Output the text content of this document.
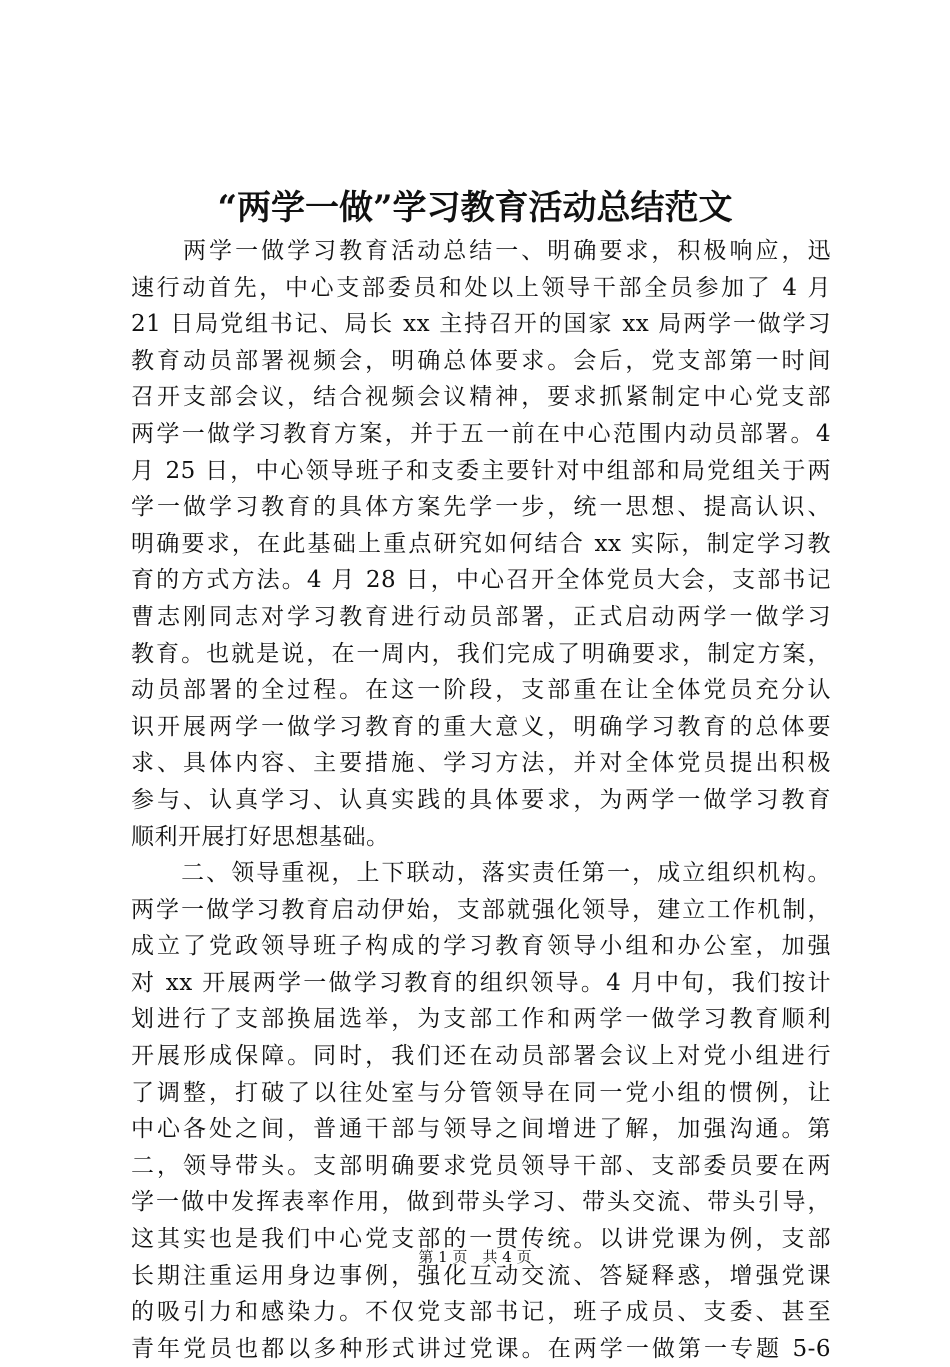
“两学一做”学习教育活动总结范文
　　两学一做学习教育活动总结一、明确要求，积极响应，迅
速行动首先，中心支部委员和处以上领导干部全员参加了 4 月
21 日局党组书记、局长 xx 主持召开的国家 xx 局两学一做学习
教育动员部署视频会，明确总体要求。会后，党支部第一时间
召开支部会议，结合视频会议精神，要求抓紧制定中心党支部
两学一做学习教育方案，并于五一前在中心范围内动员部署。4
月 25 日，中心领导班子和支委主要针对中组部和局党组关于两
学一做学习教育的具体方案先学一步，统一思想、提高认识、
明确要求，在此基础上重点研究如何结合 xx 实际，制定学习教
育的方式方法。4 月 28 日，中心召开全体党员大会，支部书记
曹志刚同志对学习教育进行动员部署，正式启动两学一做学习
教育。也就是说，在一周内，我们完成了明确要求，制定方案，
动员部署的全过程。在这一阶段，支部重在让全体党员充分认
识开展两学一做学习教育的重大意义，明确学习教育的总体要
求、具体内容、主要措施、学习方法，并对全体党员提出积极
参与、认真学习、认真实践的具体要求，为两学一做学习教育
顺利开展打好思想基础。
　　二、领导重视，上下联动，落实责任第一，成立组织机构。
两学一做学习教育启动伊始，支部就强化领导，建立工作机制，
成立了党政领导班子构成的学习教育领导小组和办公室，加强
对 xx 开展两学一做学习教育的组织领导。4 月中旬，我们按计
划进行了支部换届选举，为支部工作和两学一做学习教育顺利
开展形成保障。同时，我们还在动员部署会议上对党小组进行
了调整，打破了以往处室与分管领导在同一党小组的惯例，让
中心各处之间，普通干部与领导之间增进了解，加强沟通。第
二，领导带头。支部明确要求党员领导干部、支部委员要在两
学一做中发挥表率作用，做到带头学习、带头交流、带头引导，
这其实也是我们中心党支部的一贯传统。以讲党课为例，支部
长期注重运用身边事例，强化互动交流、答疑释惑，增强党课
的吸引力和感染力。不仅党支部书记，班子成员、支委、甚至
青年党员也都以多种形式讲过党课。在两学一做第一专题 5-6
第 1 页　共 4 页
